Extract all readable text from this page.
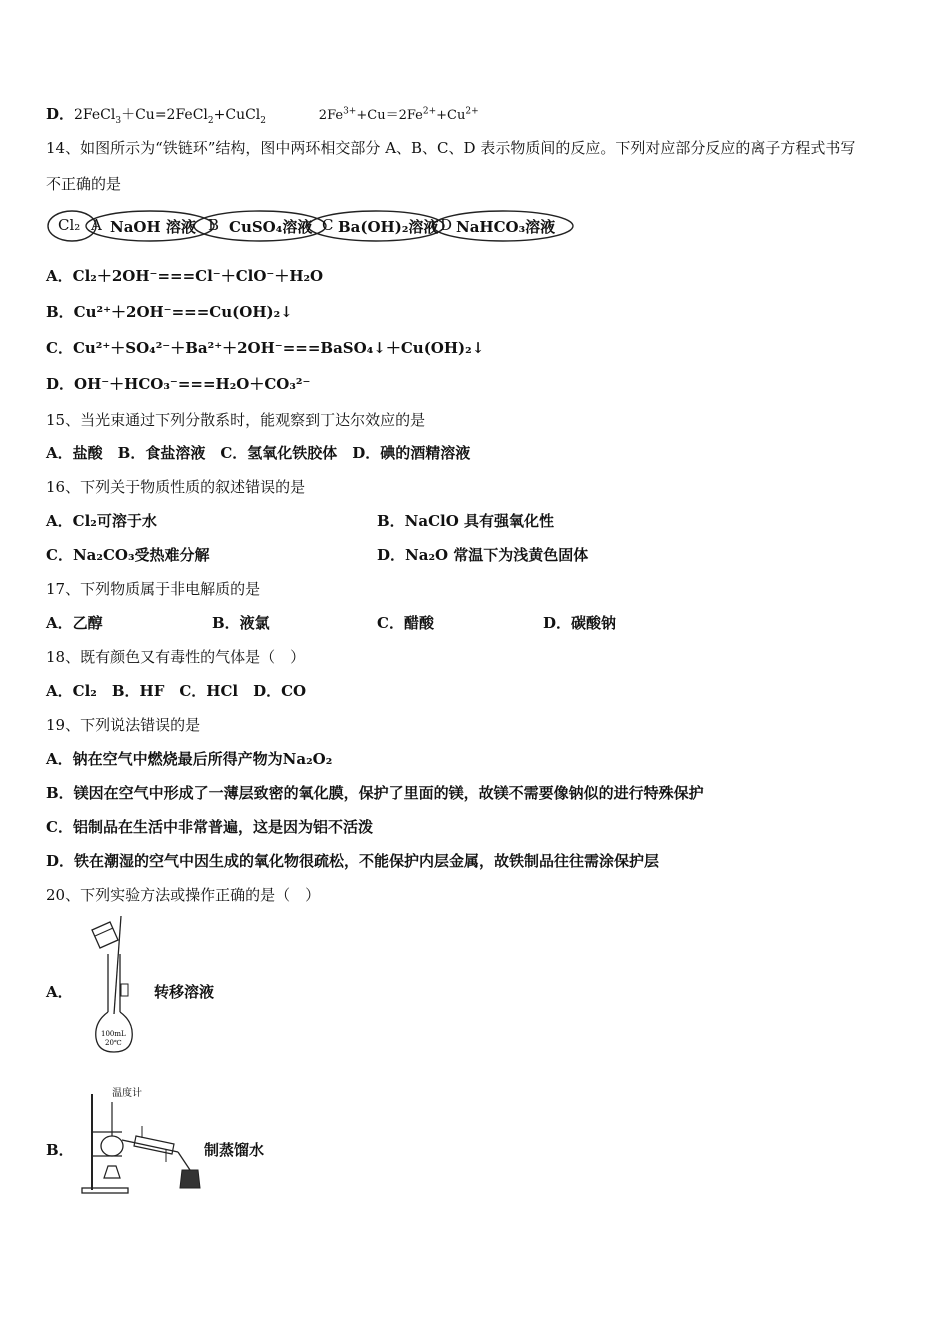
D．2FeCl$_3$＋Cu=2FeCl$_2$+CuCl$_2$	$2Fe^{3+}+Cu=2Fe^{2+}+Cu^{2+}$
14、如图所示为“铁链环”结构，图中两环相交部分 A、B、C、D 表示物质间的反应。下列对应部分反应的离子方程式书写
不正确的是
Cl₂ A NaOH 溶液 B CuSO₄溶液 C Ba(OH)₂溶液 D NaHCO₃溶液
A．Cl₂＋2OH⁻===Cl⁻＋ClO⁻＋H₂O
B．Cu²⁺＋2OH⁻===Cu(OH)₂↓
C．Cu²⁺＋SO₄²⁻＋Ba²⁺＋2OH⁻===BaSO₄↓＋Cu(OH)₂↓
D．OH⁻＋HCO₃⁻===H₂O＋CO₃²⁻
15、当光束通过下列分散系时，能观察到丁达尔效应的是
A．盐酸　B．食盐溶液　C．氢氧化铁胶体　D．碘的酒精溶液
16、下列关于物质性质的叙述错误的是
A．Cl₂可溶于水	B．NaClO 具有强氧化性
C．Na₂CO₃受热难分解	D．Na₂O 常温下为浅黄色固体
17、下列物质属于非电解质的是
A．乙醇	B．液氯	C．醋酸	D．碳酸钠
18、既有颜色又有毒性的气体是（　）
A．Cl₂　B．HF　C．HCl　D．CO
19、下列说法错误的是
A．钠在空气中燃烧最后所得产物为Na₂O₂
B．镁因在空气中形成了一薄层致密的氧化膜，保护了里面的镁，故镁不需要像钠似的进行特殊保护
C．铝制品在生活中非常普遍，这是因为铝不活泼
D．铁在潮湿的空气中因生成的氧化物很疏松，不能保护内层金属，故铁制品往往需涂保护层
20、下列实验方法或操作正确的是（　）
A．
100mL
20℃
转移溶液
B．
温度计
制蒸馏水
